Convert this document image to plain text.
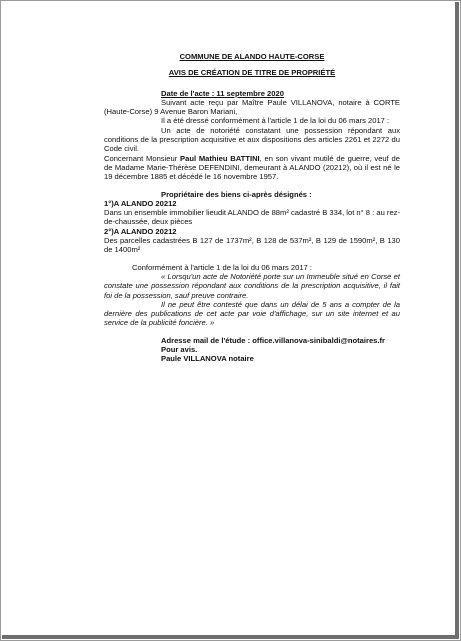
COMMUNE DE ALANDO HAUTE-CORSE
AVIS DE CRÉATION DE TITRE DE PROPRIÉTÉ
Date de l'acte : 11 septembre 2020

Suivant acte reçu par Maître Paule VILLANOVA, notaire à CORTE (Haute-Corse) 9 Avenue Baron Mariani,

Il a été dressé conformément à l'article 1 de la loi du 06 mars 2017 :

Un acte de notoriété constatant une possession répondant aux conditions de la prescription acquisitive et aux dispositions des articles 2261 et 2272 du Code civil.

Concernant Monsieur Paul Mathieu BATTINI, en son vivant mutilé de guerre, veuf de de Madame Marie-Thérèse DEFENDINI, demeurant à ALANDO (20212), où il est né le 19 décembre 1885 et décédé le 16 novembre 1957.

Propriétaire des biens ci-après désignés :

1°)A ALANDO 20212

Dans un ensemble immobilier lieudit ALANDO de 88m² cadastré B 334, lot n° 8 : au rez-de-chaussée, deux pièces

2°)A ALANDO 20212

Des parcelles cadastrées B 127 de 1737m², B 128 de 537m², B 129 de 1590m², B 130 de 1400m²

Conformément à l'article 1 de la loi du 06 mars 2017 :

« Lorsqu'un acte de Notoriété porte sur un Immeuble situé en Corse et constate une possession répondant aux conditions de la prescription acquisitive, il fait foi de la possession, sauf preuve contraire.

Il ne peut être contesté que dans un délai de 5 ans a compter de la dernière des publications de cet acte par voie d'affichage, sur un site internet et au service de la publicité foncière. »

Adresse mail de l'étude : office.villanova-sinibaldi@notaires.fr
Pour avis.
Paule VILLANOVA notaire
